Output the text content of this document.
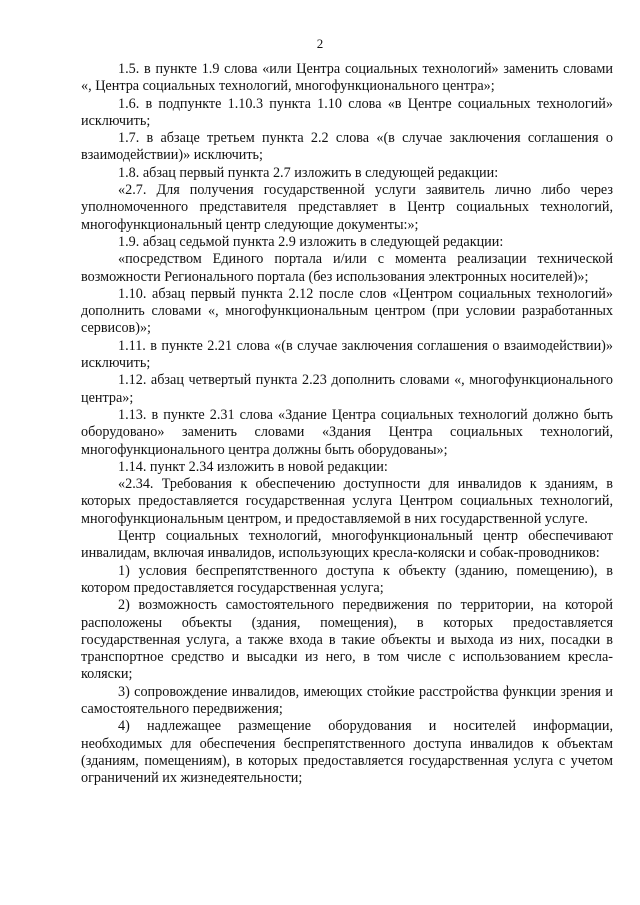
2

1.5. в пункте 1.9 слова «или Центра социальных технологий» заменить словами «, Центра социальных технологий, многофункционального центра»;

1.6. в подпункте 1.10.3 пункта 1.10 слова «в Центре социальных технологий» исключить;

1.7. в абзаце третьем пункта 2.2 слова «(в случае заключения соглашения о взаимодействии)» исключить;

1.8. абзац первый пункта 2.7 изложить в следующей редакции:

«2.7. Для получения государственной услуги заявитель лично либо через уполномоченного представителя представляет в Центр социальных технологий, многофункциональный центр следующие документы:»;

1.9. абзац седьмой пункта 2.9 изложить в следующей редакции:

«посредством Единого портала и/или с момента реализации технической возможности Регионального портала (без использования электронных носителей)»;

1.10. абзац первый пункта 2.12 после слов «Центром социальных технологий» дополнить словами «, многофункциональным центром (при условии разработанных сервисов)»;

1.11. в пункте 2.21 слова «(в случае заключения соглашения о взаимодействии)» исключить;

1.12. абзац четвертый пункта 2.23 дополнить словами «, многофункционального центра»;

1.13. в пункте 2.31 слова «Здание Центра социальных технологий должно быть оборудовано» заменить словами «Здания Центра социальных технологий, многофункционального центра должны быть оборудованы»;

1.14. пункт 2.34 изложить в новой редакции:

«2.34. Требования к обеспечению доступности для инвалидов к зданиям, в которых предоставляется государственная услуга Центром социальных технологий, многофункциональным центром, и предоставляемой в них государственной услуге.

Центр социальных технологий, многофункциональный центр обеспечивают инвалидам, включая инвалидов, использующих кресла-коляски и собак-проводников:

1) условия беспрепятственного доступа к объекту (зданию, помещению), в котором предоставляется государственная услуга;

2) возможность самостоятельного передвижения по территории, на которой расположены объекты (здания, помещения), в которых предоставляется государственная услуга, а также входа в такие объекты и выхода из них, посадки в транспортное средство и высадки из него, в том числе с использованием кресла-коляски;

3) сопровождение инвалидов, имеющих стойкие расстройства функции зрения и самостоятельного передвижения;

4) надлежащее размещение оборудования и носителей информации, необходимых для обеспечения беспрепятственного доступа инвалидов к объектам (зданиям, помещениям), в которых предоставляется государственная услуга с учетом ограничений их жизнедеятельности;
